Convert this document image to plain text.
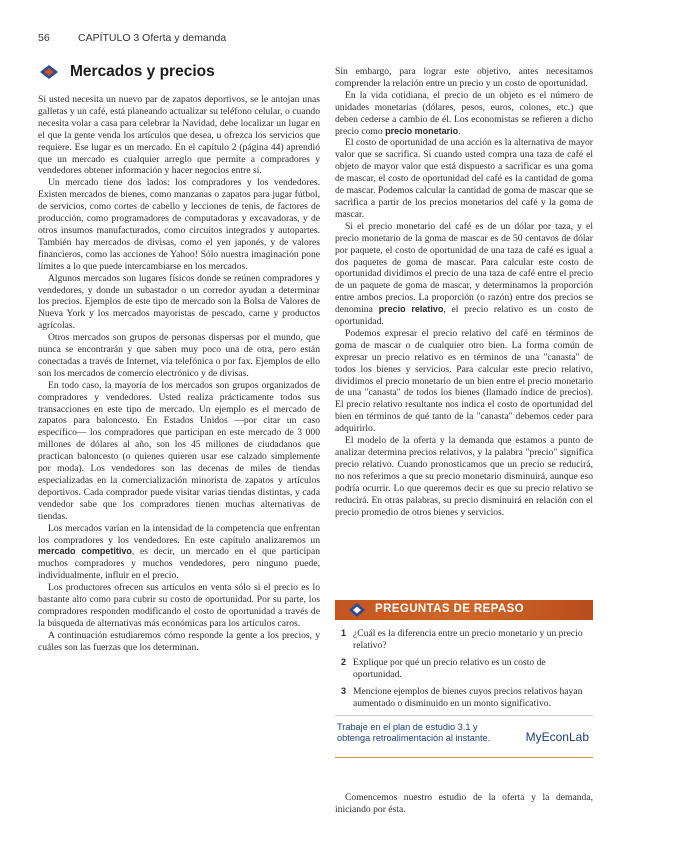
56	CAPÍTULO 3 Oferta y demanda
Mercados y precios

Si usted necesita un nuevo par de zapatos deportivos, se le antojan unas galletas y un café, está planeando actualizar su teléfono celular, o cuando necesita volar a casa para celebrar la Navidad, debe localizar un lugar en el que la gente venda los artículos que desea, u ofrezca los servicios que requiere. Ese lugar es un mercado. En el capítulo 2 (página 44) aprendió que un mercado es cualquier arreglo que permite a compradores y vendedores obtener información y hacer negocios entre sí.

Un mercado tiene dos lados: los compradores y los vendedores. Existen mercados de bienes, como manzanas o zapatos para jugar fútbol, de servicios, como cortes de cabello y lecciones de tenis, de factores de producción, como programadores de computadoras y excavadoras, y de otros insumos manufacturados, como circuitos integrados y autopartes. También hay mercados de divisas, como el yen japonés, y de valores financieros, como las acciones de Yahoo! Sólo nuestra imaginación pone límites a lo que puede intercambiarse en los mercados.

Algunos mercados son lugares físicos donde se reúnen compradores y vendedores, y donde un subastador o un corredor ayudan a determinar los precios. Ejemplos de este tipo de mercado son la Bolsa de Valores de Nueva York y los mercados mayoristas de pescado, carne y productos agrícolas.

Otros mercados son grupos de personas dispersas por el mundo, que nunca se encontrarán y que saben muy poco una de otra, pero están conectadas a través de Internet, vía telefónica o por fax. Ejemplos de ello son los mercados de comercio electrónico y de divisas.

En todo caso, la mayoría de los mercados son grupos organizados de compradores y vendedores. Usted realiza prácticamente todos sus transacciones en este tipo de mercado. Un ejemplo es el mercado de zapatos para baloncesto. En Estados Unidos —por citar un caso específico— los compradores que participan en este mercado de 3 000 millones de dólares al año, son los 45 millones de ciudadanos que practican baloncesto (o quienes quieren usar ese calzado simplemente por moda). Los vendedores son las decenas de miles de tiendas especializadas en la comercialización minorista de zapatos y artículos deportivos. Cada comprador puede visitar varias tiendas distintas, y cada vendedor sabe que los compradores tienen muchas alternativas de tiendas.

Los mercados varían en la intensidad de la competencia que enfrentan los compradores y los vendedores. En este capítulo analizaremos un mercado competitivo, es decir, un mercado en el que participan muchos compradores y muchos vendedores, pero ninguno puede, individualmente, influir en el precio.

Los productores ofrecen sus artículos en venta sólo si el precio es lo bastante alto como para cubrir su costo de oportunidad. Por su parte, los compradores responden modificando el costo de oportunidad a través de la búsqueda de alternativas más económicas para los artículos caros.

A continuación estudiaremos cómo responde la gente a los precios, y cuáles son las fuerzas que los determinan.

Sin embargo, para lograr este objetivo, antes necesitamos comprender la relación entre un precio y un costo de oportunidad.

En la vida cotidiana, el precio de un objeto es el número de unidades monetarias (dólares, pesos, euros, colones, etc.) que deben cederse a cambio de él. Los economistas se refieren a dicho precio como precio monetario.

El costo de oportunidad de una acción es la alternativa de mayor valor que se sacrifica. Si cuando usted compra una taza de café el objeto de mayor valor que está dispuesto a sacrificar es una goma de mascar, el costo de oportunidad del café es la cantidad de goma de mascar. Podemos calcular la cantidad de goma de mascar que se sacrifica a partir de los precios monetarios del café y la goma de mascar.

Si el precio monetario del café es de un dólar por taza, y el precio monetario de la goma de mascar es de 50 centavos de dólar por paquete, el costo de oportunidad de una taza de café es igual a dos paquetes de goma de mascar. Para calcular este costo de oportunidad dividimos el precio de una taza de café entre el precio de un paquete de goma de mascar, y determinamos la proporción entre ambos precios. La proporción (o razón) entre dos precios se denomina precio relativo, el precio relativo es un costo de oportunidad.

Podemos expresar el precio relativo del café en términos de goma de mascar o de cualquier otro bien. La forma común de expresar un precio relativo es en términos de una "canasta" de todos los bienes y servicios. Para calcular este precio relativo, dividimos el precio monetario de un bien entre el precio monetario de una "canasta" de todos los bienes (llamado índice de precios). El precio relativo resultante nos indica el costo de oportunidad del bien en términos de qué tanto de la "canasta" debemos ceder para adquirirlo.

El modelo de la oferta y la demanda que estamos a punto de analizar determina precios relativos, y la palabra "precio" significa precio relativo. Cuando pronosticamos que un precio se reducirá, no nos referimos a que su precio monetario disminuirá, aunque eso podría ocurrir. Lo que queremos decir es que su precio relativo se reducirá. En otras palabras, su precio disminuirá en relación con el precio promedio de otros bienes y servicios.

PREGUNTAS DE REPASO
1 ¿Cuál es la diferencia entre un precio monetario y un precio relativo?
2 Explique por qué un precio relativo es un costo de oportunidad.
3 Mencione ejemplos de bienes cuyos precios relativos hayan aumentado o disminuido en un monto significativo.
Trabaje en el plan de estudio 3.1 y
obtenga retroalimentación al instante.	MyEconLab

Comencemos nuestro estudio de la oferta y la demanda, iniciando por ésta.
